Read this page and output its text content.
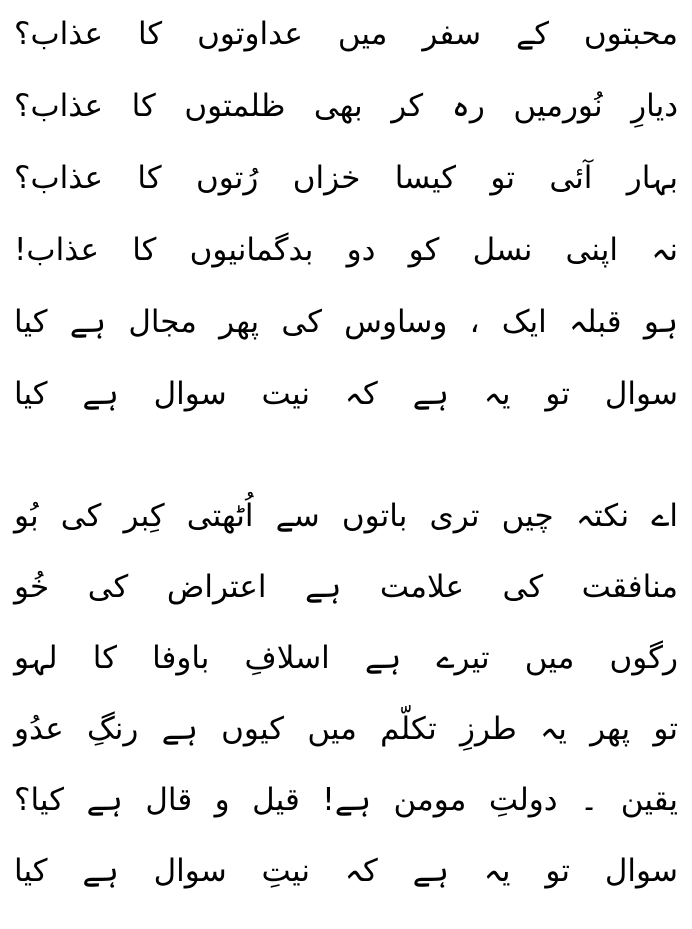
محبتوں کے سفر میں عداوتوں کا عذاب؟
دیارِ نُورمیں رہ کر بھی ظلمتوں کا عذاب؟
بہار آئی تو کیسا خزاں رُتوں کا عذاب؟
نہ اپنی نسل کو دو بدگمانیوں کا عذاب!
ہو قبلہ ایک ، وساوس کی پھر مجال ہے کیا
سوال تو یہ ہے کہ نیت سوال ہے کیا
اے نکتہ چیں تری باتوں سے اُٹھتی کِبر کی بُو
منافقت کی علامت ہے اعتراض کی خُو
رگوں میں تیرے ہے اسلافِ باوفا کا لہو
تو پھر یہ طرزِ تکلّم میں کیوں ہے رنگِ عدُو
یقین ۔ دولتِ مومن ہے! قیل و قال ہے کیا؟
سوال تو یہ ہے کہ نیتِ سوال ہے کیا
